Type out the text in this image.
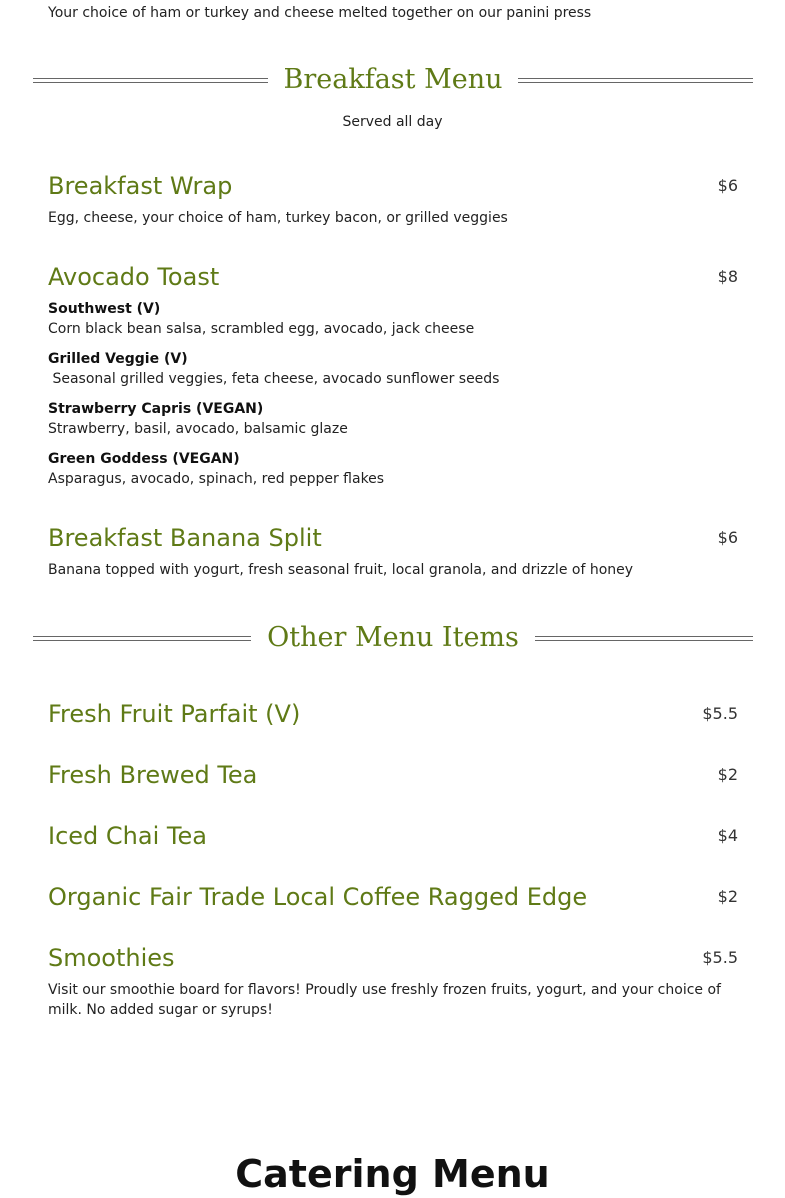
Your choice of ham or turkey and cheese melted together on our panini press
Breakfast Menu
Served all day
Breakfast Wrap	$6
Egg, cheese, your choice of ham, turkey bacon, or grilled veggies
Avocado Toast	$8
Southwest (V)
Corn black bean salsa, scrambled egg, avocado, jack cheese
Grilled Veggie (V)
Seasonal grilled veggies, feta cheese, avocado sunflower seeds
Strawberry Capris (VEGAN)
Strawberry, basil, avocado, balsamic glaze
Green Goddess (VEGAN)
Asparagus, avocado, spinach, red pepper flakes
Breakfast Banana Split	$6
Banana topped with yogurt, fresh seasonal fruit, local granola, and drizzle of honey
Other Menu Items
Fresh Fruit Parfait (V)	$5.5
Fresh Brewed Tea	$2
Iced Chai Tea	$4
Organic Fair Trade Local Coffee Ragged Edge	$2
Smoothies	$5.5
Visit our smoothie board for flavors! Proudly use freshly frozen fruits, yogurt, and your choice of milk. No added sugar or syrups!
Catering Menu
